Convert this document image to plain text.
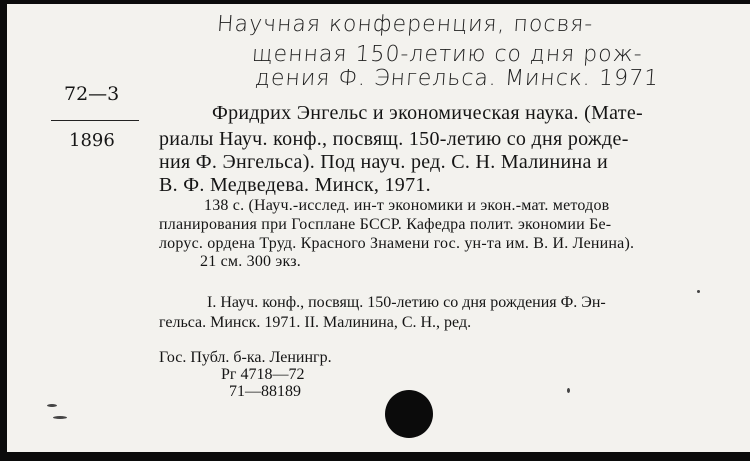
Научная конференция, посвя-
щенная 150-летию со дня рож-
дения Ф. Энгельса. Минск. 1971
72—3
1896
Фридрих Энгельс и экономическая наука. (Мате-
риалы Науч. конф., посвящ. 150-летию со дня рожде-
ния Ф. Энгельса). Под науч. ред. С. Н. Малинина и
В. Ф. Медведева. Минск, 1971.
138 с. (Науч.-исслед. ин-т экономики и экон.-мат. методов
планирования при Госплане БССР. Кафедра полит. экономии Бе-
лорус. ордена Труд. Красного Знамени гос. ун-та им. В. И. Ленина).
21 см. 300 экз.
I. Науч. конф., посвящ. 150-летию со дня рождения Ф. Эн-
гельса. Минск. 1971. II. Малинина, С. Н., ред.
Гос. Публ. б-ка. Ленингр.
Рг 4718—72
71—88189
